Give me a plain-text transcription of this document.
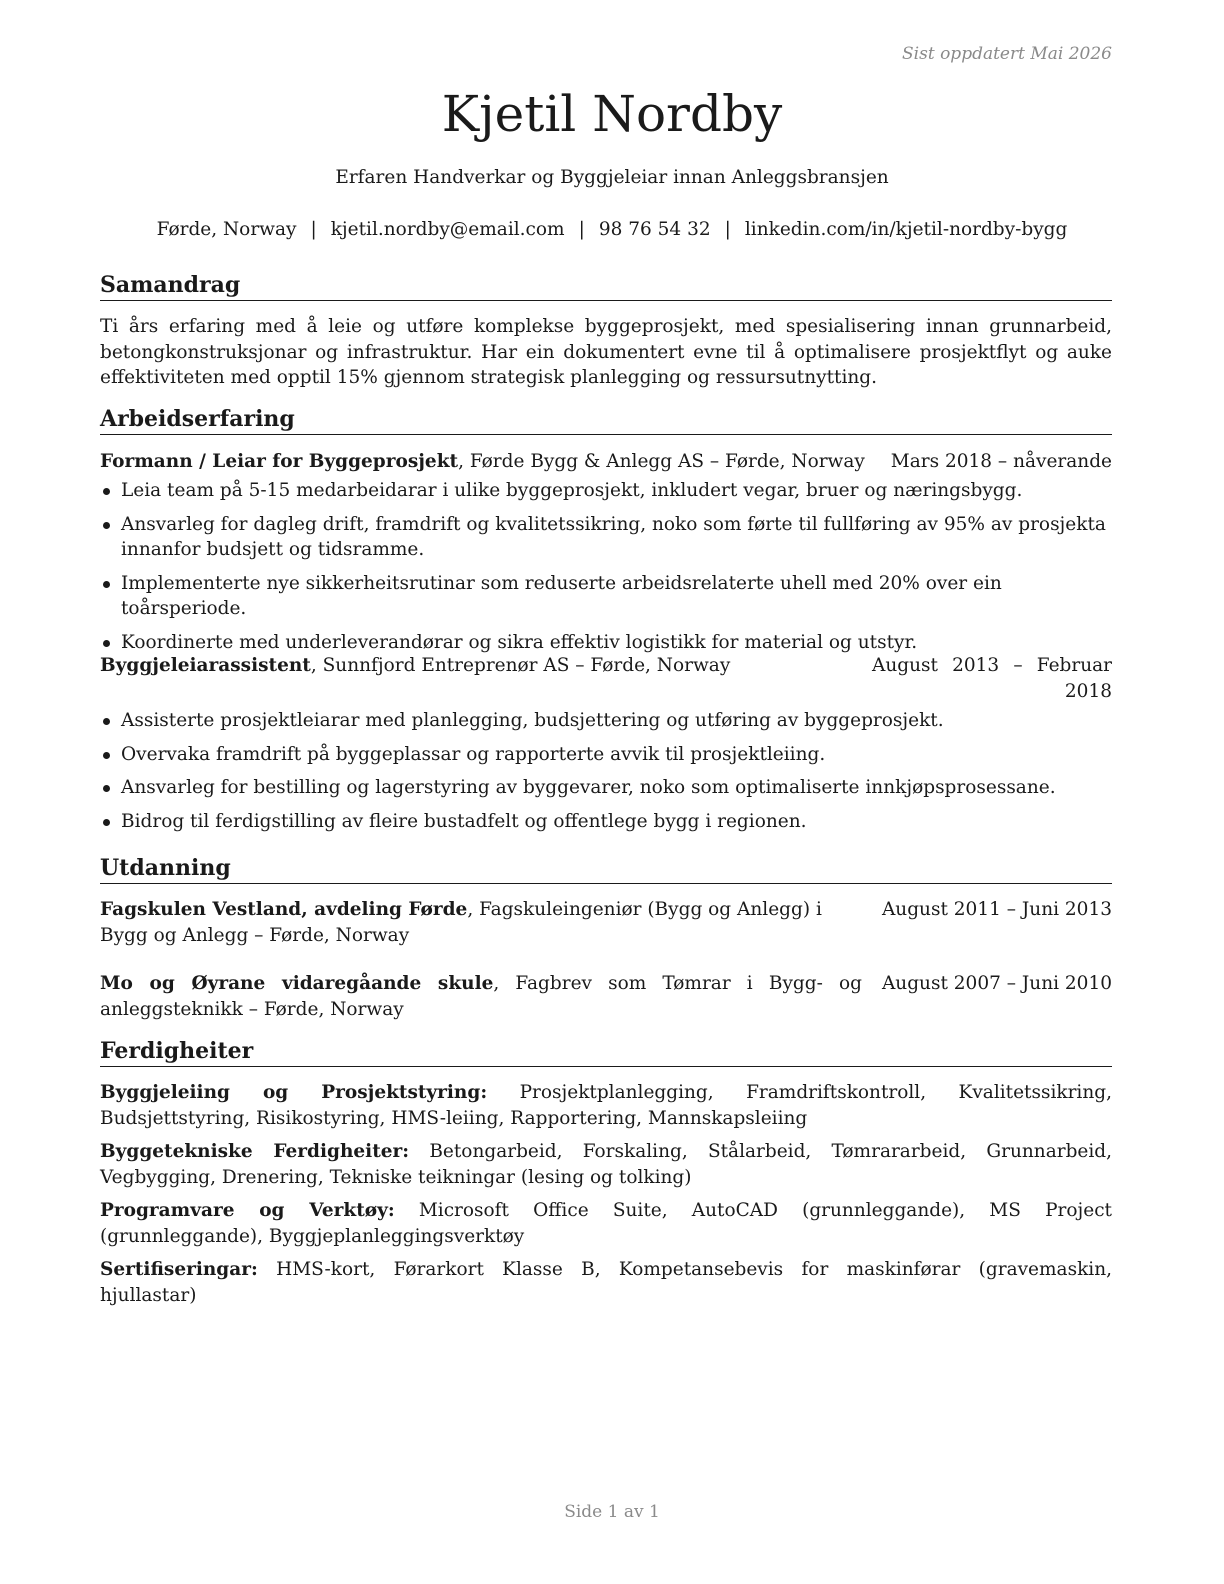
Sist oppdatert Mai 2026
Kjetil Nordby
Erfaren Handverkar og Byggjeleiar innan Anleggsbransjen
Førde, Norway | kjetil.nordby@email.com | 98 76 54 32 | linkedin.com/in/kjetil-nordby-bygg
Samandrag

Ti års erfaring med å leie og utføre komplekse byggeprosjekt, med spesialisering innan grunnarbeid, betongkonstruksjonar og infrastruktur. Har ein dokumentert evne til å optimalisere prosjektflyt og auke effektiviteten med opptil 15% gjennom strategisk planlegging og ressursutnytting.

Arbeidserfaring
Formann / Leiar for Byggeprosjekt, Førde Bygg & Anlegg AS – Førde, Norway	Mars 2018 – nåverande
Leia team på 5-15 medarbeidarar i ulike byggeprosjekt, inkludert vegar, bruer og næringsbygg.
Ansvarleg for dagleg drift, framdrift og kvalitetssikring, noko som førte til fullføring av 95% av prosjekta innanfor budsjett og tidsramme.
Implementerte nye sikkerheitsrutinar som reduserte arbeidsrelaterte uhell med 20% over ein toårsperiode.
Koordinerte med underleverandørar og sikra effektiv logistikk for material og utstyr.
Byggjeleiarassistent, Sunnfjord Entreprenør AS – Førde, Norway	August 2013 – Februar 2018
Assisterte prosjektleiarar med planlegging, budsjettering og utføring av byggeprosjekt.
Overvaka framdrift på byggeplassar og rapporterte avvik til prosjektleiing.
Ansvarleg for bestilling og lagerstyring av byggevarer, noko som optimaliserte innkjøpsprosessane.
Bidrog til ferdigstilling av fleire bustadfelt og offentlege bygg i regionen.
Utdanning
August 2011 – Juni 2013
Fagskulen Vestland, avdeling Førde, Fagskuleingeniør (Bygg og Anlegg) i Bygg og Anlegg – Førde, Norway
August 2007 – Juni 2010
Mo og Øyrane vidaregåande skule, Fagbrev som Tømrar i Bygg- og anleggsteknikk – Førde, Norway
Ferdigheiter

Byggjeleiing og Prosjektstyring: Prosjektplanlegging, Framdriftskontroll, Kvalitetssikring, Budsjettstyring, Risikostyring, HMS-leiing, Rapportering, Mannskapsleiing

Byggetekniske Ferdigheiter: Betongarbeid, Forskaling, Stålarbeid, Tømrararbeid, Grunnarbeid, Vegbygging, Drenering, Tekniske teikningar (lesing og tolking)

Programvare og Verktøy: Microsoft Office Suite, AutoCAD (grunnleggande), MS Project (grunnleggande), Byggjeplanleggingsverktøy

Sertifiseringar: HMS-kort, Førarkort Klasse B, Kompetansebevis for maskinførar (gravemaskin, hjullastar)

Side 1 av 1
